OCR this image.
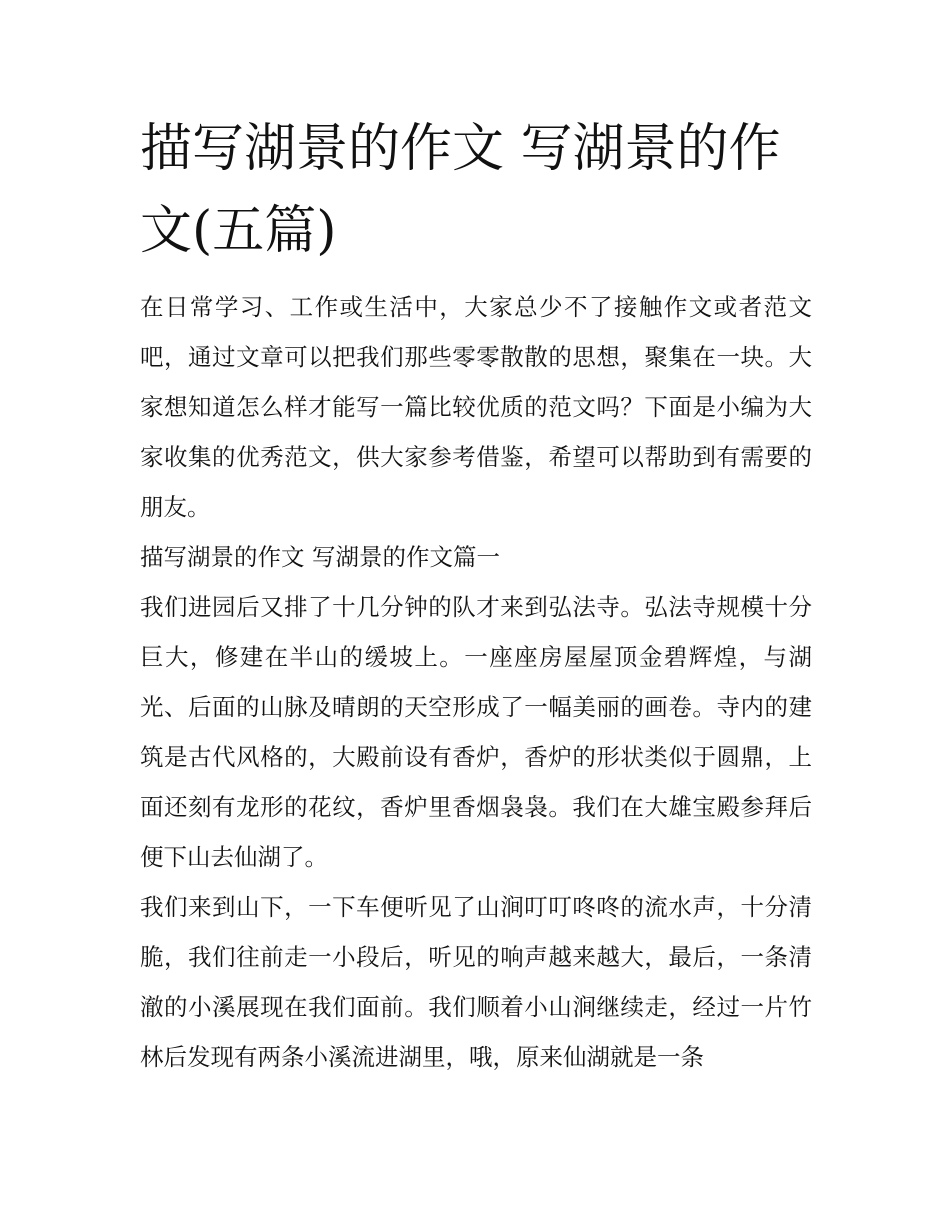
描写湖景的作文 写湖景的作文(五篇)

在日常学习、工作或生活中，大家总少不了接触作文或者范文吧，通过文章可以把我们那些零零散散的思想，聚集在一块。大家想知道怎么样才能写一篇比较优质的范文吗？下面是小编为大家收集的优秀范文，供大家参考借鉴，希望可以帮助到有需要的朋友。

描写湖景的作文 写湖景的作文篇一

我们进园后又排了十几分钟的队才来到弘法寺。弘法寺规模十分巨大，修建在半山的缓坡上。一座座房屋屋顶金碧辉煌，与湖光、后面的山脉及晴朗的天空形成了一幅美丽的画卷。寺内的建筑是古代风格的，大殿前设有香炉，香炉的形状类似于圆鼎，上面还刻有龙形的花纹，香炉里香烟袅袅。我们在大雄宝殿参拜后便下山去仙湖了。

我们来到山下，一下车便听见了山涧叮叮咚咚的流水声，十分清脆，我们往前走一小段后，听见的响声越来越大，最后，一条清澈的小溪展现在我们面前。我们顺着小山涧继续走，经过一片竹林后发现有两条小溪流进湖里，哦，原来仙湖就是一条
